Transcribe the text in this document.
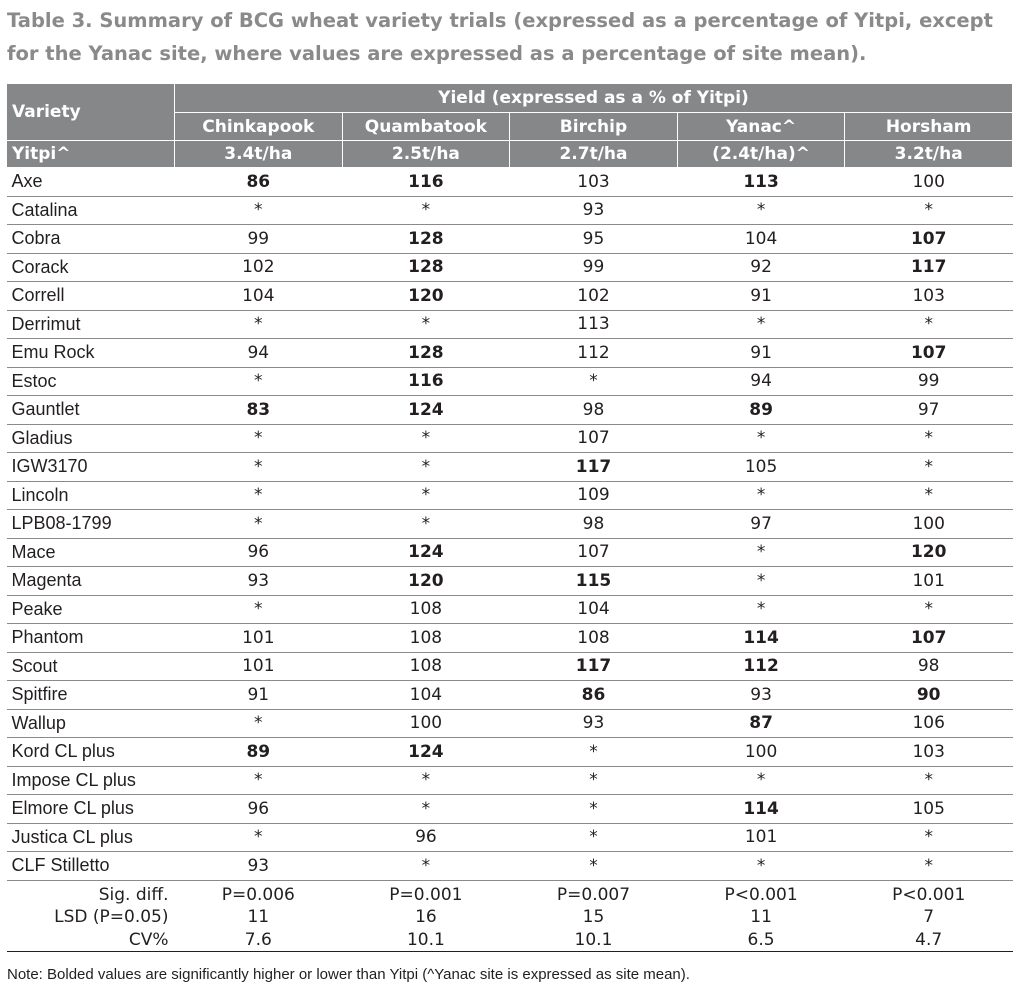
Table 3. Summary of BCG wheat variety trials (expressed as a percentage of Yitpi, except for the Yanac site, where values are expressed as a percentage of site mean).

Variety	Yield (expressed as a % of Yitpi)				
	Chinkapook	Quambatook	Birchip	Yanac^	Horsham
Yitpi^	3.4t/ha	2.5t/ha	2.7t/ha	(2.4t/ha)^	3.2t/ha
Axe	86	116	103	113	100
Catalina	*	*	93	*	*
Cobra	99	128	95	104	107
Corack	102	128	99	92	117
Correll	104	120	102	91	103
Derrimut	*	*	113	*	*
Emu Rock	94	128	112	91	107
Estoc	*	116	*	94	99
Gauntlet	83	124	98	89	97
Gladius	*	*	107	*	*
IGW3170	*	*	117	105	*
Lincoln	*	*	109	*	*
LPB08-1799	*	*	98	97	100
Mace	96	124	107	*	120
Magenta	93	120	115	*	101
Peake	*	108	104	*	*
Phantom	101	108	108	114	107
Scout	101	108	117	112	98
Spitfire	91	104	86	93	90
Wallup	*	100	93	87	106
Kord CL plus	89	124	*	100	103
Impose CL plus	*	*	*	*	*
Elmore CL plus	96	*	*	114	105
Justica CL plus	*	96	*	101	*
CLF Stilletto	93	*	*	*	*
Sig. diff.	P=0.006	P=0.001	P=0.007	P<0.001	P<0.001
LSD (P=0.05)	11	16	15	11	7
CV%	7.6	10.1	10.1	6.5	4.7

Note: Bolded values are significantly higher or lower than Yitpi (^Yanac site is expressed as site mean).
